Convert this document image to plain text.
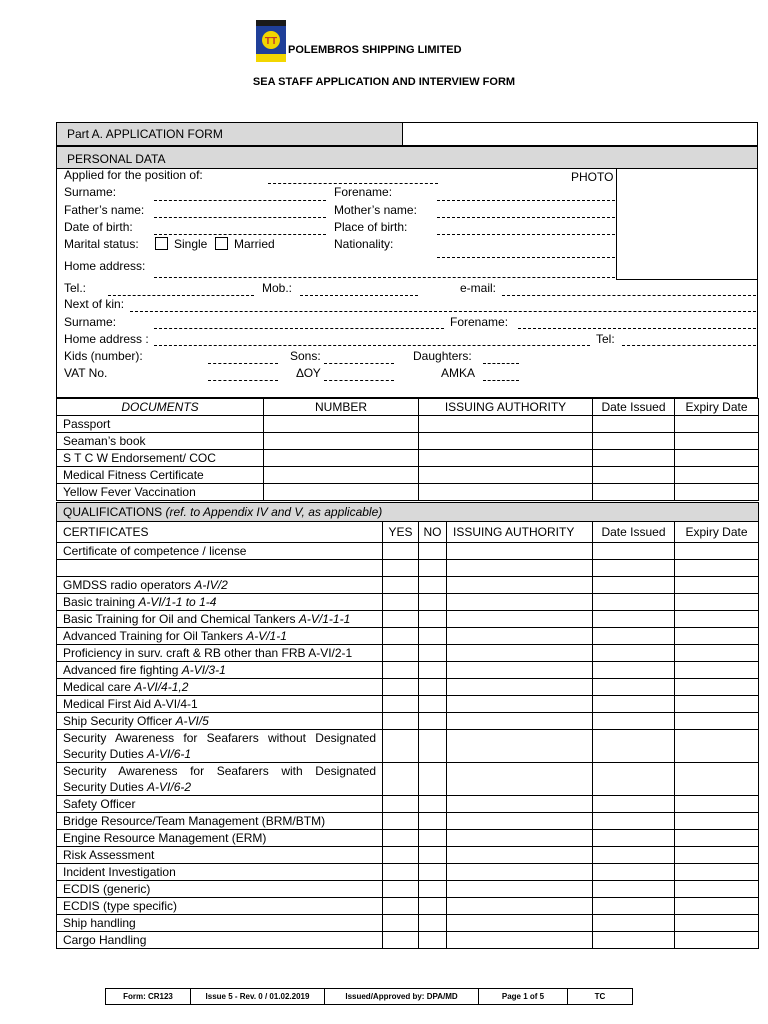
TT
POLEMBROS SHIPPING LIMITED
SEA STAFF APPLICATION AND INTERVIEW FORM
Part A. APPLICATION FORM
PERSONAL DATA
PHOTO
Applied for the position of:
Surname:	Forename:
Father’s name:	Mother’s name:
Date of birth:	Place of birth:
Marital status:	Single Married	Nationality:
Home address:
Tel.:	Mob.:	e-mail:
Next of kin:
Surname:	Forename:
Home address :	Tel:
Kids (number):	Sons:	Daughters:
VAT No.	ΔΟΥ	AMKA
DOCUMENTS	NUMBER	ISSUING AUTHORITY	Date Issued	Expiry Date
Passport				
Seaman’s book				
S T C W Endorsement/ COC				
Medical Fitness Certificate				
Yellow Fever Vaccination				
QUALIFICATIONS (ref. to Appendix IV and V, as applicable)					
CERTIFICATES	YES	NO	ISSUING AUTHORITY	Date Issued	Expiry Date
Certificate of competence / license					

GMDSS radio operators A-IV/2					
Basic training A-VI/1-1 to 1-4					
Basic Training for Oil and Chemical Tankers A-V/1-1-1					
Advanced Training for Oil Tankers A-V/1-1					
Proficiency in surv. craft & RB other than FRB A-VI/2-1					
Advanced fire fighting A-VI/3-1					
Medical care A-VI/4-1,2					
Medical First Aid A-VI/4-1					
Ship Security Officer A-VI/5					
Security Awareness for Seafarers without Designated Security Duties A-VI/6-1					
Security Awareness for Seafarers with Designated Security Duties A-VI/6-2					
Safety Officer					
Bridge Resource/Team Management (BRM/BTM)					
Engine Resource Management (ERM)					
Risk Assessment					
Incident Investigation					
ECDIS (generic)					
ECDIS (type specific)					
Ship handling					
Cargo Handling					
Form: CR123	Issue 5 - Rev. 0 / 01.02.2019	Issued/Approved by: DPA/MD	Page 1 of 5	TC
